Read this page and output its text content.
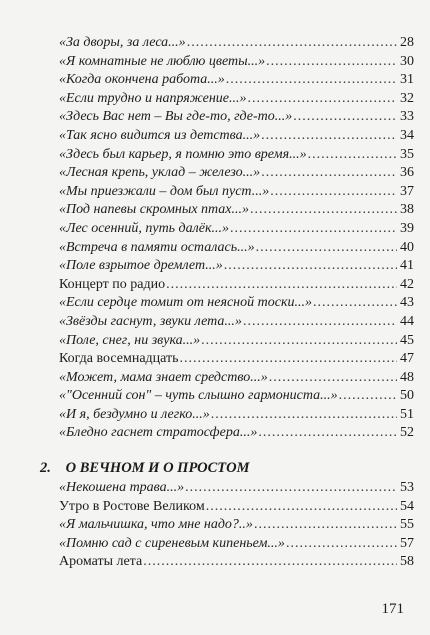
«За дворы, за леса...» .....	28
«Я комнатные не люблю цветы...» .....	30
«Когда окончена работа...» .....	31
«Если трудно и напряжение...» .....	32
«Здесь Вас нет – Вы где-то, где-то...» .....	33
«Так ясно видится из детства...» .....	34
«Здесь был карьер, я помню это время...» .....	35
«Лесная крепь, уклад – железо...» .....	36
«Мы приезжали – дом был пуст...» .....	37
«Под напевы скромных птах...» .....	38
«Лес осенний, путь далёк...» .....	39
«Встреча в памяти осталась...» .....	40
«Поле взрытое дремлет...» .....	41
Концерт по радио .....	42
«Если сердце томит от неясной тоски...» .....	43
«Звёзды гаснут, звуки лета...» .....	44
«Поле, снег, ни звука...» .....	45
Когда восемнадцать .....	47
«Может, мама знает средство...» .....	48
«"Осенний сон" – чуть слышно гармониста...» .....	50
«И я, бездумно и легко...» .....	51
«Бледно гаснет стратосфера...» .....	52
2. О ВЕЧНОМ И О ПРОСТОМ
«Некошена трава...» .....	53
Утро в Ростове Великом .....	54
«Я мальчишка, что мне надо?..» .....	55
«Помню сад с сиреневым кипеньем...» .....	57
Ароматы лета .....	58
171
